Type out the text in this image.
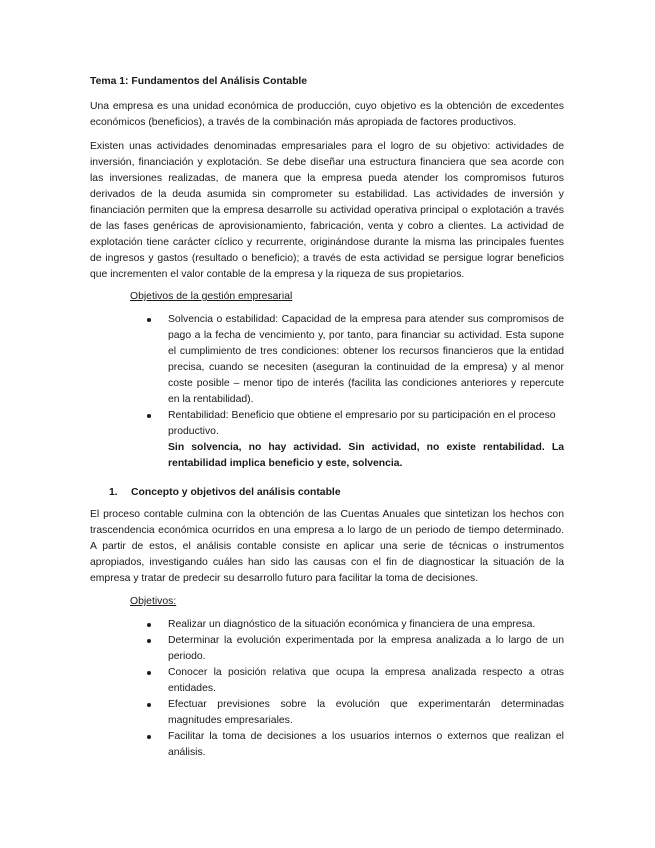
Tema 1: Fundamentos del Análisis Contable

Una empresa es una unidad económica de producción, cuyo objetivo es la obtención de excedentes económicos (beneficios), a través de la combinación más apropiada de factores productivos.

Existen unas actividades denominadas empresariales para el logro de su objetivo: actividades de inversión, financiación y explotación. Se debe diseñar una estructura financiera que sea acorde con las inversiones realizadas, de manera que la empresa pueda atender los compromisos futuros derivados de la deuda asumida sin comprometer su estabilidad. Las actividades de inversión y financiación permiten que la empresa desarrolle su actividad operativa principal o explotación a través de las fases genéricas de aprovisionamiento, fabricación, venta y cobro a clientes. La actividad de explotación tiene carácter cíclico y recurrente, originándose durante la misma las principales fuentes de ingresos y gastos (resultado o beneficio); a través de esta actividad se persigue lograr beneficios que incrementen el valor contable de la empresa y la riqueza de sus propietarios.

Objetivos de la gestión empresarial

Solvencia o estabilidad: Capacidad de la empresa para atender sus compromisos de pago a la fecha de vencimiento y, por tanto, para financiar su actividad. Esta supone el cumplimiento de tres condiciones: obtener los recursos financieros que la entidad precisa, cuando se necesiten (aseguran la continuidad de la empresa) y al menor coste posible – menor tipo de interés (facilita las condiciones anteriores y repercute en la rentabilidad).
Rentabilidad: Beneficio que obtiene el empresario por su participación en el proceso productivo.

Sin solvencia, no hay actividad. Sin actividad, no existe rentabilidad. La rentabilidad implica beneficio y este, solvencia.

1. Concepto y objetivos del análisis contable

El proceso contable culmina con la obtención de las Cuentas Anuales que sintetizan los hechos con trascendencia económica ocurridos en una empresa a lo largo de un periodo de tiempo determinado. A partir de estos, el análisis contable consiste en aplicar una serie de técnicas o instrumentos apropiados, investigando cuáles han sido las causas con el fin de diagnosticar la situación de la empresa y tratar de predecir su desarrollo futuro para facilitar la toma de decisiones.

Objetivos:

Realizar un diagnóstico de la situación económica y financiera de una empresa.
Determinar la evolución experimentada por la empresa analizada a lo largo de un periodo.
Conocer la posición relativa que ocupa la empresa analizada respecto a otras entidades.
Efectuar previsiones sobre la evolución que experimentarán determinadas magnitudes empresariales.
Facilitar la toma de decisiones a los usuarios internos o externos que realizan el análisis.
